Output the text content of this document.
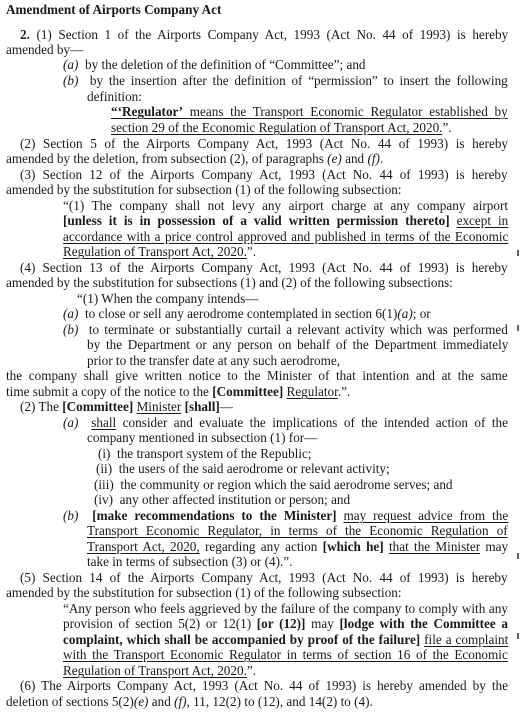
Amendment of Airports Company Act
2. (1) Section 1 of the Airports Company Act, 1993 (Act No. 44 of 1993) is hereby
amended by—
(a)  by the deletion of the definition of “Committee”; and
(b)  by the insertion after the definition of “permission” to insert the following
definition:
“‘Regulator’ means the Transport Economic Regulator established by
section 29 of the Economic Regulation of Transport Act, 2020.”.
(2) Section 5 of the Airports Company Act, 1993 (Act No. 44 of 1993) is hereby
amended by the deletion, from subsection (2), of paragraphs (e) and (f).
(3) Section 12 of the Airports Company Act, 1993 (Act No. 44 of 1993) is hereby
amended by the substitution for subsection (1) of the following subsection:
“(1) The company shall not levy any airport charge at any company airport
[unless it is in possession of a valid written permission thereto] except in
accordance with a price control approved and published in terms of the Economic
Regulation of Transport Act, 2020.”.
(4) Section 13 of the Airports Company Act, 1993 (Act No. 44 of 1993) is hereby
amended by the substitution for subsections (1) and (2) of the following subsections:
“(1) When the company intends—
(a)  to close or sell any aerodrome contemplated in section 6(1)(a); or
(b)  to terminate or substantially curtail a relevant activity which was performed
by the Department or any person on behalf of the Department immediately
prior to the transfer date at any such aerodrome,
the company shall give written notice to the Minister of that intention and at the same
time submit a copy of the notice to the [Committee] Regulator.”.
(2) The [Committee] Minister [shall]—
(a) shall consider and evaluate the implications of the intended action of the
company mentioned in subsection (1) for—
(i)  the transport system of the Republic;
(ii)  the users of the said aerodrome or relevant activity;
(iii)  the community or region which the said aerodrome serves; and
(iv)  any other affected institution or person; and
(b) [make recommendations to the Minister] may request advice from the
Transport Economic Regulator, in terms of the Economic Regulation of
Transport Act, 2020, regarding any action [which he] that the Minister may
take in terms of subsection (3) or (4).”.
(5) Section 14 of the Airports Company Act, 1993 (Act No. 44 of 1993) is hereby
amended by the substitution for subsection (1) of the following subsection:
“Any person who feels aggrieved by the failure of the company to comply with any
provision of section 5(2) or 12(1) [or (12)] may [lodge with the Committee a
complaint, which shall be accompanied by proof of the failure] file a complaint
with the Transport Economic Regulator in terms of section 16 of the Economic
Regulation of Transport Act, 2020.”.
(6) The Airports Company Act, 1993 (Act No. 44 of 1993) is hereby amended by the
deletion of sections 5(2)(e) and (f), 11, 12(2) to (12), and 14(2) to (4).
